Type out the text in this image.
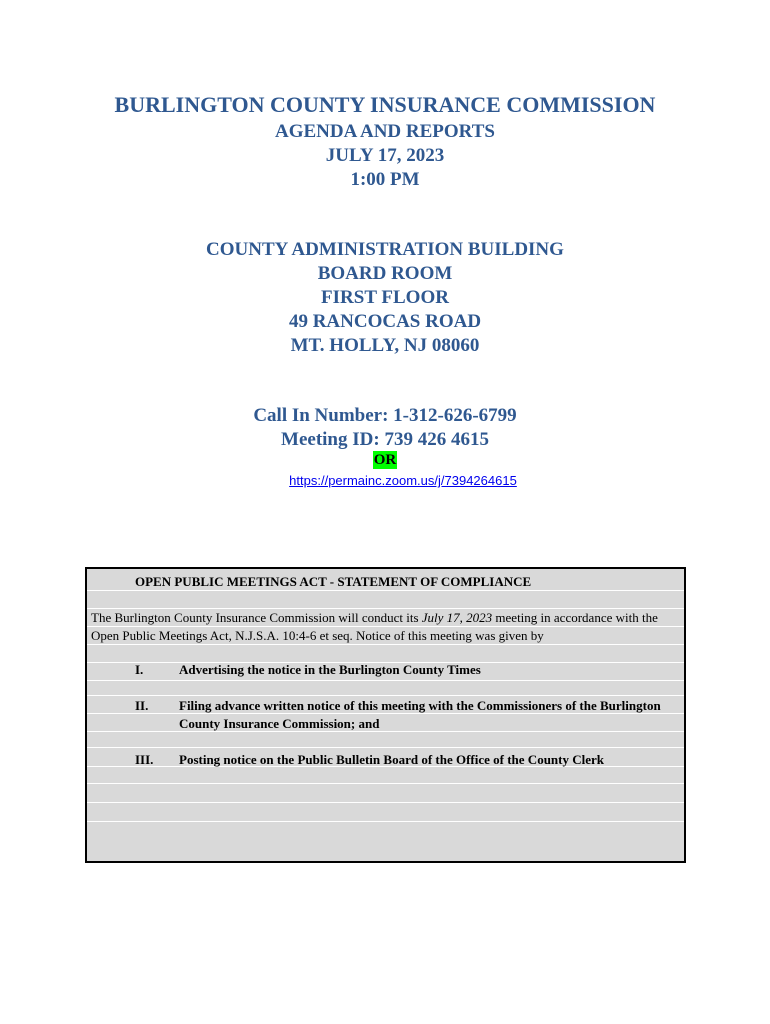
BURLINGTON COUNTY INSURANCE COMMISSION
AGENDA AND REPORTS
JULY 17, 2023
1:00 PM
COUNTY ADMINISTRATION BUILDING
BOARD ROOM
FIRST FLOOR
49 RANCOCAS ROAD
MT. HOLLY, NJ 08060
Call In Number: 1-312-626-6799
Meeting ID: 739 426 4615
OR
https://permainc.zoom.us/j/7394264615
OPEN PUBLIC MEETINGS ACT - STATEMENT OF COMPLIANCE
The Burlington County Insurance Commission will conduct its July 17, 2023 meeting in accordance with the Open Public Meetings Act, N.J.S.A. 10:4-6 et seq. Notice of this meeting was given by
I.	Advertising the notice in the Burlington County Times
II. Filing advance written notice of this meeting with the Commissioners of the Burlington County Insurance Commission; and
III. Posting notice on the Public Bulletin Board of the Office of the County Clerk
